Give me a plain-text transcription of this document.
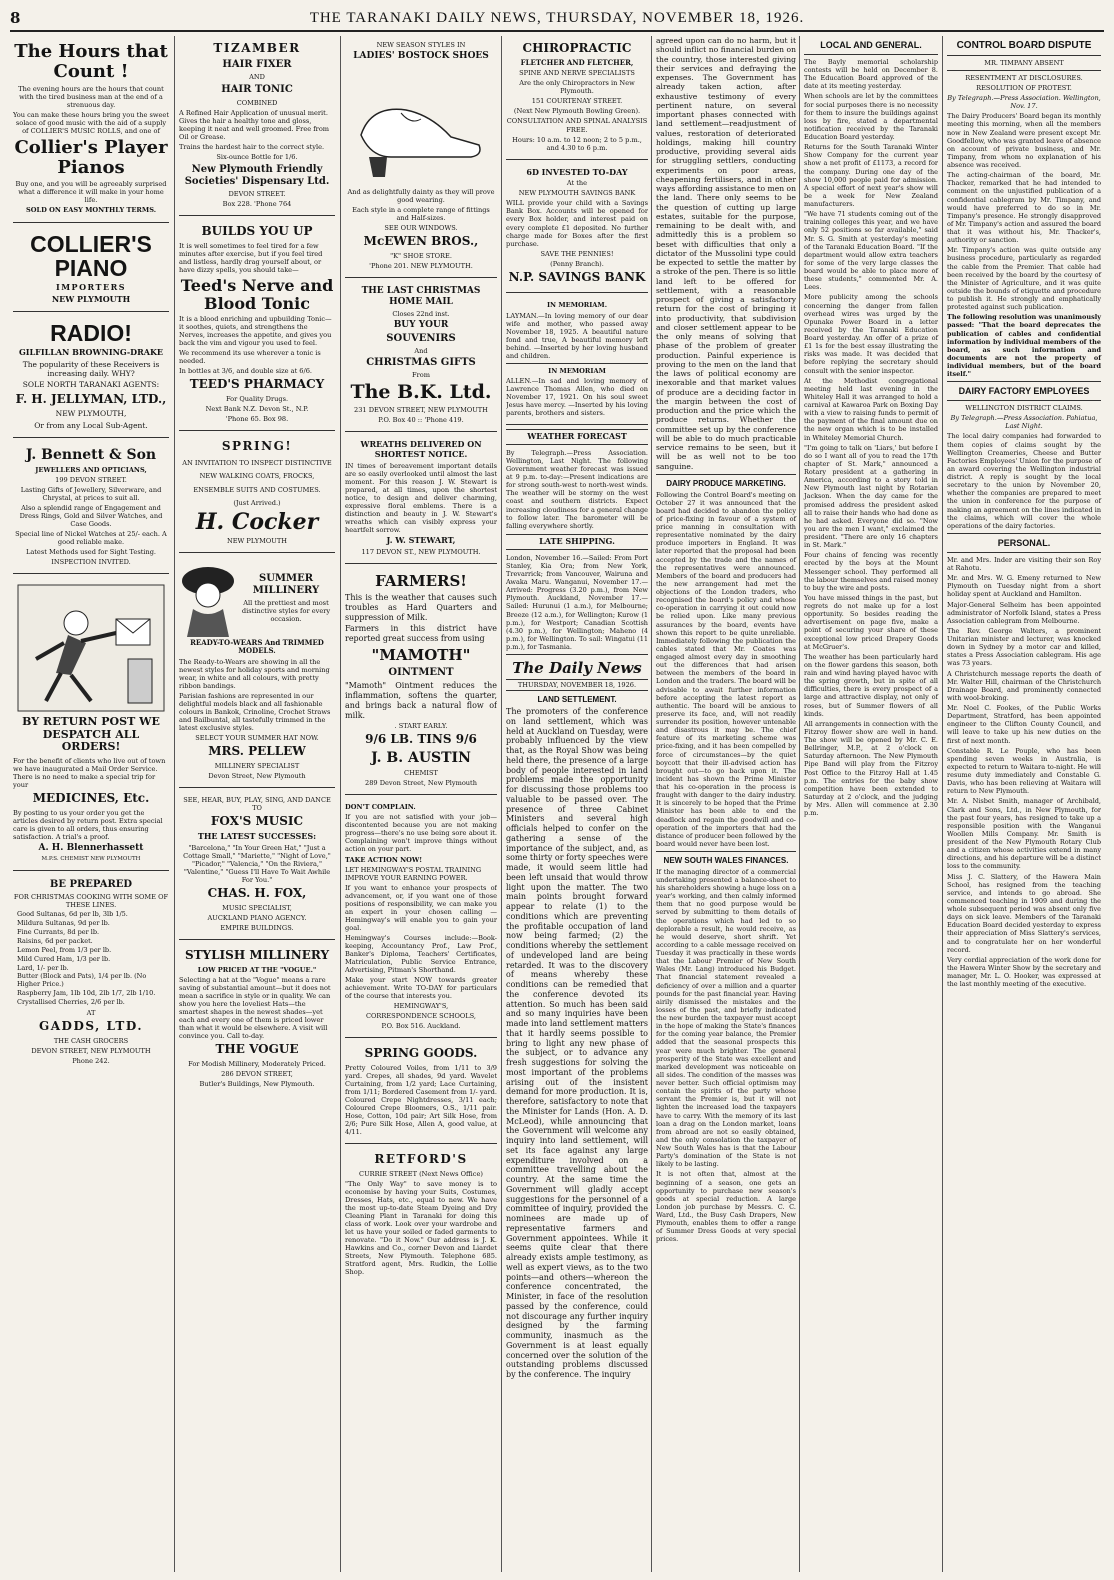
8	THE TARANAKI DAILY NEWS, THURSDAY, NOVEMBER 18, 1926.
The Hours that Count !

The evening hours are the hours that count with the tired business man at the end of a strenuous day.

You can make these hours bring you the sweet solace of good music with the aid of a supply of COLLIER'S MUSIC ROLLS, and one of

Collier's Player Pianos

Buy one, and you will be agreeably surprised what a difference it will make in your home life.

SOLD ON EASY MONTHLY TERMS.

COLLIER'S PIANO
IMPORTERS
NEW PLYMOUTH
RADIO!
GILFILLAN BROWNING-DRAKE

The popularity of these Receivers is increasing daily. WHY?

SOLE NORTH TARANAKI AGENTS:

F. H. JELLYMAN, LTD.,

NEW PLYMOUTH,

Or from any Local Sub-Agent.

J. Bennett & Son
JEWELLERS AND OPTICIANS,

199 DEVON STREET.

Lasting Gifts of Jewellery, Silverware, and Chrystal, at prices to suit all.

Also a splendid range of Engagement and Dress Rings, Gold and Silver Watches, and Case Goods.

Special line of Nickel Watches at 25/- each. A good reliable make.

Latest Methods used for Sight Testing.

INSPECTION INVITED.

BY RETURN POST WE DESPATCH ALL ORDERS!

For the benefit of clients who live out of town we have inaugurated a Mail Order Service. There is no need to make a special trip for your

MEDICINES, Etc.

By posting to us your order you get the articles desired by return post. Extra special care is given to all orders, thus ensuring satisfaction. A trial's a proof.

A. H. Blennerhassett

M.P.S. CHEMIST NEW PLYMOUTH

BE PREPARED

FOR CHRISTMAS COOKING WITH SOME OF THESE LINES.

Good Sultanas, 6d per lb, 3lb 1/5.
Mildura Sultanas, 9d per lb.
Fine Currants, 8d per lb.
Raisins, 6d per packet.
Lemon Peel, from 1/3 per lb.
Mild Cured Ham, 1/3 per lb.
Lard, 1/- per lb.
Butter (Block and Pats), 1/4 per lb. (No Higher Price.)
Raspberry Jam, 1lb 10d, 2lb 1/7, 2lb 1/10.
Crystallised Cherries, 2/6 per lb.

AT

GADDS, LTD.

THE CASH GROCERS

DEVON STREET, NEW PLYMOUTH

Phone 242.

TIZAMBER
HAIR FIXER

AND

HAIR TONIC

COMBINED

A Refined Hair Application of unusual merit. Gives the hair a healthy tone and gloss, keeping it neat and well groomed. Free from Oil or Grease.

Trains the hardest hair to the correct style.

Six-ounce Bottle for 1/6.

New Plymouth Friendly Societies' Dispensary Ltd.

DEVON STREET.

Box 228. 'Phone 764

BUILDS YOU UP

It is well sometimes to feel tired for a few minutes after exercise, but if you feel tired and listless, hardly drag yourself about, or have dizzy spells, you should take—

Teed's Nerve and Blood Tonic

It is a blood enriching and upbuilding Tonic—it soothes, quiets, and strengthens the Nerves, increases the appetite, and gives you back the vim and vigour you used to feel.

We recommend its use wherever a tonic is needed.

In bottles at 3/6, and double size at 6/6.

TEED'S PHARMACY

For Quality Drugs.

Next Bank N.Z. Devon St., N.P.

'Phone 65. Box 98.

SPRING!

AN INVITATION TO INSPECT DISTINCTIVE NEW WALKING COATS, FROCKS, ENSEMBLE SUITS AND COSTUMES.

(Just Arrived.)

H. Cocker

NEW PLYMOUTH

SUMMER MILLINERY

All the prettiest and most distinctive styles for every occasion.

READY-TO-WEARS And TRIMMED MODELS.

The Ready-to-Wears are showing in all the newest styles for holiday sports and morning wear, in white and all colours, with pretty ribbon bandings.

Parisian fashions are represented in our delightful models black and all fashionable colours in Bankok, Crinoline, Crochet Straws and Bailbuntal, all tastefully trimmed in the latest exclusive styles.

SELECT YOUR SUMMER HAT NOW.

MRS. PELLEW

MILLINERY SPECIALIST

Devon Street, New Plymouth

SEE, HEAR, BUY, PLAY, SING, AND DANCE TO

FOX'S MUSIC
THE LATEST SUCCESSES:

"Barcelona," "In Your Green Hat," "Just a Cottage Small," "Mariette," "Night of Love," "Picador," "Valencia," "On the Riviera," "Valentine," "Guess I'll Have To Wait Awhile For You."

CHAS. H. FOX,

MUSIC SPECIALIST,

AUCKLAND PIANO AGENCY.

EMPIRE BUILDINGS.

STYLISH MILLINERY

LOW PRICED AT THE "VOGUE."

Selecting a hat at the "Vogue" means a rare saving of substantial amount—but it does not mean a sacrifice in style or in quality. We can show you here the loveliest Hats—the smartest shapes in the newest shades—yet each and every one of them is priced lower than what it would be elsewhere. A visit will convince you. Call to-day.

THE VOGUE

For Modish Millinery, Moderately Priced.

286 DEVON STREET,

Butler's Buildings, New Plymouth.

NEW SEASON STYLES IN

LADIES' BOSTOCK SHOES

And as delightfully dainty as they will prove good wearing.

Each style in a complete range of fittings and Half-sizes.

SEE OUR WINDOWS.

McEWEN BROS.,

"K" SHOE STORE.

'Phone 201. NEW PLYMOUTH.

THE LAST CHRISTMAS HOME MAIL

Closes 22nd inst.

BUY YOUR
SOUVENIRS

And

CHRISTMAS GIFTS

From

The B.K. Ltd.

231 DEVON STREET, NEW PLYMOUTH

P.O. Box 40 :: 'Phone 419.

WREATHS DELIVERED ON SHORTEST NOTICE.

IN times of bereavement important details are so easily overlooked until almost the last moment. For this reason J. W. Stewart is prepared, at all times, upon the shortest notice, to design and deliver charming, expressive floral emblems. There is a distinction and beauty in J. W. Stewart's wreaths which can visibly express your heartfelt sorrow.

J. W. STEWART,

117 DEVON ST., NEW PLYMOUTH.

FARMERS!

This is the weather that causes such troubles as Hard Quarters and suppression of Milk.

Farmers in this district have reported great success from using

"MAMOTH"
OINTMENT

"Mamoth" Ointment reduces the inflammation, softens the quarter, and brings back a natural flow of milk.

. START EARLY.

9/6 LB. TINS 9/6
J. B. AUSTIN

CHEMIST

289 Devon Street, New Plymouth

DON'T COMPLAIN.

If you are not satisfied with your job—discontented because you are not making progress—there's no use being sore about it. Complaining won't improve things without action on your part.

TAKE ACTION NOW!

LET HEMINGWAY'S POSTAL TRAINING IMPROVE YOUR EARNING POWER.

If you want to enhance your prospects of advancement, or, if you want one of those positions of responsibility, we can make you an expert in your chosen calling — Hemingway's will enable you to gain your goal.

Hemingway's Courses include:—Book-keeping, Accountancy Prof., Law Prof., Banker's Diploma, Teachers' Certificates, Matriculation, Public Service Entrance, Advertising, Pitman's Shorthand.

Make your start NOW towards greater achievement. Write TO-DAY for particulars of the course that interests you.

HEMINGWAY'S,

CORRESPONDENCE SCHOOLS,

P.O. Box 516. Auckland.

SPRING GOODS.

Pretty Coloured Voiles, from 1/11 to 3/9 yard. Crepes, all shades, 9d yard. Wavelet Curtaining, from 1/2 yard; Lace Curtaining, from 1/11; Bordered Casement from 1/- yard. Coloured Crepe Nightdresses, 3/11 each; Coloured Crepe Bloomers, O.S., 1/11 pair. Hose, Cotton, 10d pair; Art Silk Hose, from 2/6; Pure Silk Hose, Allen A, good value, at 4/11.

RETFORD'S

CURRIE STREET (Next News Office)

"The Only Way" to save money is to economise by having your Suits, Costumes, Dresses, Hats, etc., equal to new. We have the most up-to-date Steam Dyeing and Dry Cleaning Plant in Taranaki for doing this class of work. Look over your wardrobe and let us have your soiled or faded garments to renovate. "Do it Now." Our address is J. K. Hawkins and Co., corner Devon and Liardet Streets, New Plymouth. Telephone 685. Stratford agent, Mrs. Rudkin, the Lollie Shop.

CHIROPRACTIC
FLETCHER AND FLETCHER,

SPINE AND NERVE SPECIALISTS

Are the only Chiropractors in New Plymouth.

151 COURTENAY STREET.

(Next New Plymouth Bowling Green).

CONSULTATION AND SPINAL ANALYSIS FREE.

Hours: 10 a.m. to 12 noon; 2 to 5 p.m., and 4.30 to 6 p.m.

6D INVESTED TO-DAY

At the

NEW PLYMOUTH SAVINGS BANK

WILL provide your child with a Savings Bank Box. Accounts will be opened for every Box holder, and interest paid on every complete £1 deposited. No further charge made for Boxes after the first purchase.

SAVE THE PENNIES!

(Penny Branch).

N.P. SAVINGS BANK
IN MEMORIAM.

LAYMAN.—In loving memory of our dear wife and mother, who passed away November 18, 1925. A beautiful nature fond and true, A beautiful memory left behind. —Inserted by her loving husband and children.

IN MEMORIAM

ALLEN.—In sad and loving memory of Lawrence Thomas Allen, who died on November 17, 1921. On his soul sweet Jesus have mercy. —Inserted by his loving parents, brothers and sisters.

WEATHER FORECAST
By Telegraph.—Press Association. Wellington, Last Night. The following Government weather forecast was issued at 9 p.m. to-day:—Present indications are for strong south-west to north-west winds. The weather will be stormy on the west coast and southern districts. Expect increasing cloudiness for a general change to follow later. The barometer will be falling everywhere shortly.
LATE SHIPPING.
London, November 16.—Sailed: From Port Stanley, Kia Ora; from New York, Trevarrick; from Vancouver, Wairuna and Awaka Maru. Wanganui, November 17.—Arrived: Progress (3.20 p.m.), from New Plymouth. Auckland, November 17.—Sailed: Hurunui (1 a.m.), for Melbourne; Breeze (12 a.m.), for Wellington; Kurow (1 p.m.), for Westport; Canadian Scottish (4.30 p.m.), for Wellington; Maheno (4 p.m.), for Wellington. To sail: Wingatui (11 p.m.), for Tasmania.
The Daily News
THURSDAY, NOVEMBER 18, 1926.
LAND SETTLEMENT.
The promoters of the conference on land settlement, which was held at Auckland on Tuesday, were probably influenced by the view that, as the Royal Show was being held there, the presence of a large body of people interested in land problems made the opportunity for discussing those problems too valuable to be passed over. The presence of three Cabinet Ministers and several high officials helped to confer on the gathering a sense of the importance of the subject, and, as some thirty or forty speeches were made, it would seem little had been left unsaid that would throw light upon the matter. The two main points brought forward appear to relate (1) to the conditions which are preventing the profitable occupation of land now being farmed; (2) the conditions whereby the settlement of undeveloped land are being retarded. It was to the discovery of means whereby these conditions can be remedied that the conference devoted its attention. So much has been said and so many inquiries have been made into land settlement matters that it hardly seems possible to bring to light any new phase of the subject, or to advance any fresh suggestions for solving the most important of the problems arising out of the insistent demand for more production. It is, therefore, satisfactory to note that the Minister for Lands (Hon. A. D. McLeod), while announcing that the Government will welcome any inquiry into land settlement, will set its face against any large expenditure involved on a committee travelling about the country. At the same time the Government will gladly accept suggestions for the personnel of a committee of inquiry, provided the nominees are made up of representative farmers and Government appointees. While it seems quite clear that there already exists ample testimony, as well as expert views, as to the two points—and others—whereon the conference concentrated, the Minister, in face of the resolution passed by the conference, could not discourage any further inquiry designed by the farming community, inasmuch as the Government is at least equally concerned over the solution of the outstanding problems discussed by the conference. The inquiry
agreed upon can do no harm, but it should inflict no financial burden on the country, those interested giving their services and defraying the expenses. The Government has already taken action, after exhaustive testimony of every pertinent nature, on several important phases connected with land settlement—readjustment of values, restoration of deteriorated holdings, making hill country productive, providing several aids for struggling settlers, conducting experiments on poor areas, cheapening fertilisers, and in other ways affording assistance to men on the land. There only seems to be the question of cutting up large estates, suitable for the purpose, remaining to be dealt with, and admittedly this is a problem so beset with difficulties that only a dictator of the Mussolini type could be expected to settle the matter by a stroke of the pen. There is so little land left to be offered for settlement, with a reasonable prospect of giving a satisfactory return for the cost of bringing it into productivity, that subdivision and closer settlement appear to be the only means of solving that phase of the problem of greater production. Painful experience is proving to the men on the land that the laws of political economy are inexorable and that market values of produce are a deciding factor in the margin between the cost of production and the price which the produce returns. Whether the committee set up by the conference will be able to do much practicable service remains to be seen, but it will be as well not to be too sanguine.
DAIRY PRODUCE MARKETING.
Following the Control Board's meeting on October 27 it was announced that the board had decided to abandon the policy of price-fixing in favour of a system of price manning in consultation with representative nominated by the dairy produce importers in England. It was later reported that the proposal had been accepted by the trade and the names of the representatives were announced. Members of the board and producers had the new arrangement had met the objections of the London traders, who recognised the board's policy and whose co-operation in carrying it out could now be relied upon. Like many previous assurances by the board, events have shown this report to be quite unreliable. Immediately following the publication the cables stated that Mr. Coates was engaged almost every day in smoothing out the differences that had arisen between the members of the board in London and the traders. The board will be advisable to await further information before accepting the latest report as authentic. The board will be anxious to preserve its face, and, will not readily surrender its position, however untenable and disastrous it may be. The chief feature of its marketing scheme was price-fixing, and it has been compelled by force of circumstances—by the quiet boycott that their ill-advised action has brought out—to go back upon it. The incident has shown the Prime Minister that his co-operation in the process is fraught with danger to the dairy industry. It is sincerely to be hoped that the Prime Minister has been able to end the deadlock and regain the goodwill and co-operation of the importers that had the distance of producer been followed by the board would never have been lost.
NEW SOUTH WALES FINANCES.
If the managing director of a commercial undertaking presented a balance-sheet to his shareholders showing a huge loss on a year's working, and then calmly informed them that no good purpose would be served by submitting to them details of the operations which had led to so deplorable a result, he would receive, as he would deserve, short shrift. Yet according to a cable message received on Tuesday it was practically in these words that the Labour Premier of New South Wales (Mr. Lang) introduced his Budget. That financial statement revealed a deficiency of over a million and a quarter pounds for the past financial year. Having airily dismissed the mistakes and the losses of the past, and briefly indicated the new burden the taxpayer must accept in the hope of making the State's finances for the coming year balance, the Premier added that the seasonal prospects this year were much brighter. The general prosperity of the State was excellent and marked development was noticeable on all sides. The condition of the masses was never better. Such official optimism may contain the spirits of the party whose servant the Premier is, but it will not lighten the increased load the taxpayers have to carry. With the memory of its last loan a drag on the London market, loans from abroad are not so easily obtained, and the only consolation the taxpayer of New South Wales has is that the Labour Party's domination of the State is not likely to be lasting.
It is not often that, almost at the beginning of a season, one gets an opportunity to purchase new season's goods at special reduction. A large London job purchase by Messrs. C. C. Ward, Ltd., the Busy Cash Drapers, New Plymouth, enables them to offer a range of Summer Dress Goods at very special prices.
LOCAL AND GENERAL.
The Bayly memorial scholarship contests will be held on December 8. The Education Board approved of the date at its meeting yesterday.
When schools are let by the committees for social purposes there is no necessity for them to insure the buildings against loss by fire, stated a departmental notification received by the Taranaki Education Board yesterday.
Returns for the South Taranaki Winter Show Company for the current year show a net profit of £1173, a record for the company. During one day of the show 10,000 people paid for admission. A special effort of next year's show will be a week for New Zealand manufacturers.
"We have 71 students coming out of the training colleges this year, and we have only 52 positions so far available," said Mr. S. G. Smith at yesterday's meeting of the Taranaki Education Board. "If the department would allow extra teachers for some of the very large classes the board would be able to place more of these students," commented Mr. A. Lees.
More publicity among the schools concerning the danger from fallen overhead wires was urged by the Opunake Power Board in a letter received by the Taranaki Education Board yesterday. An offer of a prize of £1 1s for the best essay illustrating the risks was made. It was decided that before replying the secretary should consult with the senior inspector.
At the Methodist congregational meeting held last evening in the Whiteley Hall it was arranged to hold a carnival at Kawaroa Park on Boxing Day with a view to raising funds to permit of the payment of the final amount due on the new organ which is to be installed in Whiteley Memorial Church.
"I'm going to talk on 'Liars,' but before I do so I want all of you to read the 17th chapter of St. Mark," announced a Rotary president at a gathering in America, according to a story told in New Plymouth last night by Rotarian Jackson. When the day came for the promised address the president asked all to raise their hands who had done as he had asked. Everyone did so. "Now you are the men I want," exclaimed the president. "There are only 16 chapters in St. Mark."
Four chains of fencing was recently erected by the boys at the Mount Messenger school. They performed all the labour themselves and raised money to buy the wire and posts.
You have missed things in the past, but regrets do not make up for a lost opportunity. So besides reading the advertisement on page five, make a point of securing your share of these exceptional low priced Drapery Goods at McGruer's.
The weather has been particularly hard on the flower gardens this season, both rain and wind having played havoc with the spring growth, but in spite of all difficulties, there is every prospect of a large and attractive display, not only of roses, but of Summer flowers of all kinds.
All arrangements in connection with the Fitzroy flower show are well in hand. The show will be opened by Mr. C. E. Bellringer, M.P., at 2 o'clock on Saturday afternoon. The New Plymouth Pipe Band will play from the Fitzroy Post Office to the Fitzroy Hall at 1.45 p.m. The entries for the baby show competition have been extended to Saturday at 2 o'clock, and the judging by Mrs. Allen will commence at 2.30 p.m.
CONTROL BOARD DISPUTE
MR. TIMPANY ABSENT
RESENTMENT AT DISCLOSURES.
RESOLUTION OF PROTEST.
By Telegraph.—Press Association. Wellington, Nov. 17.
The Dairy Producers' Board began its monthly meeting this morning, when all the members now in New Zealand were present except Mr. Goodfellow, who was granted leave of absence on account of private business, and Mr. Timpany, from whom no explanation of his absence was received.
The acting-chairman of the board, Mr. Thacker, remarked that he had intended to comment on the unjustified publication of a confidential cablegram by Mr. Timpany, and would have preferred to do so in Mr. Timpany's presence. He strongly disapproved of Mr. Timpany's action and assured the board that it was without his, Mr. Thacker's, authority or sanction.
Mr. Timpany's action was quite outside any business procedure, particularly as regarded the cable from the Premier. That cable had been received by the board by the courtesy of the Minister of Agriculture, and it was quite outside the bounds of etiquette and procedure to publish it. He strongly and emphatically protested against such publication.
The following resolution was unanimously passed: "That the board deprecates the publication of cables and confidential information by individual members of the board, as such information and documents are not the property of individual members, but of the board itself."
DAIRY FACTORY EMPLOYEES
WELLINGTON DISTRICT CLAIMS.
By Telegraph.—Press Association. Pahiatua, Last Night.
The local dairy companies had forwarded to them copies of claims sought by the Wellington Creameries, Cheese and Butter Factories Employees' Union for the purpose of an award covering the Wellington industrial district. A reply is sought by the local secretary to the union by November 20, whether the companies are prepared to meet the union in conference for the purpose of making an agreement on the lines indicated in the claims, which will cover the whole operations of the dairy factories.
PERSONAL.
Mr. and Mrs. Inder are visiting their son Roy at Rahotu.
Mr. and Mrs. W. G. Emeny returned to New Plymouth on Tuesday night from a short holiday spent at Auckland and Hamilton.
Major-General Selheim has been appointed administrator of Norfolk Island, states a Press Association cablegram from Melbourne.
The Rev. George Walters, a prominent Unitarian minister and lecturer, was knocked down in Sydney by a motor car and killed, states a Press Association cablegram. His age was 73 years.
A Christchurch message reports the death of Mr. Walter Hill, chairman of the Christchurch Drainage Board, and prominently connected with wool-broking.
Mr. Noel C. Fookes, of the Public Works Department, Stratford, has been appointed engineer to the Clifton County Council, and will leave to take up his new duties on the first of next month.
Constable R. Le Pouple, who has been spending seven weeks in Australia, is expected to return to Waitara to-night. He will resume duty immediately and Constable G. Davis, who has been relieving at Waitara will return to New Plymouth.
Mr. A. Nisbet Smith, manager of Archibald, Clark and Sons, Ltd., in New Plymouth, for the past four years, has resigned to take up a responsible position with the Wanganui Woollen Mills Company. Mr. Smith is president of the New Plymouth Rotary Club and a citizen whose activities extend in many directions, and his departure will be a distinct loss to the community.
Miss J. C. Slattery, of the Hawera Main School, has resigned from the teaching service, and intends to go abroad. She commenced teaching in 1909 and during the whole subsequent period was absent only five days on sick leave. Members of the Taranaki Education Board decided yesterday to express their appreciation of Miss Slattery's services, and to congratulate her on her wonderful record.
Very cordial appreciation of the work done for the Hawera Winter Show by the secretary and manager, Mr. L. O. Hooker, was expressed at the last monthly meeting of the executive.
